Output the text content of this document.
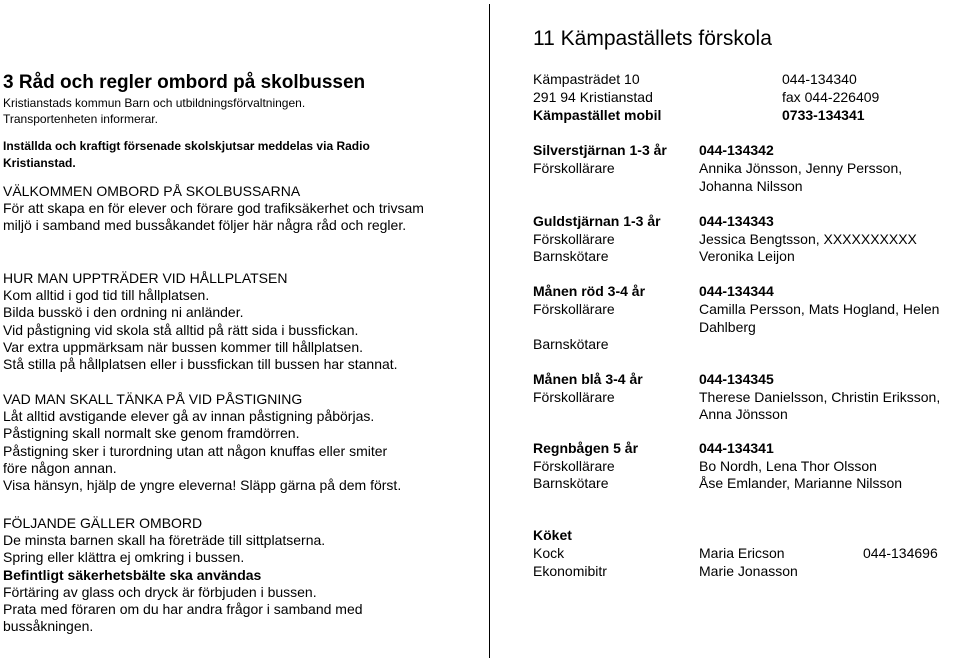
3 Råd och regler ombord på skolbussen
Kristianstads kommun Barn och utbildningsförvaltningen.
Transportenheten informerar.
Inställda och kraftigt försenade skolskjutsar meddelas via Radio Kristianstad.
VÄLKOMMEN OMBORD PÅ SKOLBUSSARNA
För att skapa en för elever och förare god trafiksäkerhet och trivsam miljö i samband med bussåkandet följer här några råd och regler.
HUR MAN UPPTRÄDER VID HÅLLPLATSEN
Kom alltid i god tid till hållplatsen.
Bilda busskö i den ordning ni anländer.
Vid påstigning vid skola stå alltid på rätt sida i bussfickan.
Var extra uppmärksam när bussen kommer till hållplatsen.
Stå stilla på hållplatsen eller i bussfickan till bussen har stannat.
VAD MAN SKALL TÄNKA PÅ VID PÅSTIGNING
Låt alltid avstigande elever gå av innan påstigning påbörjas.
Påstigning skall normalt ske genom framdörren.
Påstigning sker i turordning utan att någon knuffas eller smiter före någon annan.
Visa hänsyn, hjälp de yngre eleverna! Släpp gärna på dem först.
FÖLJANDE GÄLLER OMBORD
De minsta barnen skall ha företräde till sittplatserna.
Spring eller klättra ej omkring i bussen.
Befintligt säkerhetsbälte ska användas
Förtäring av glass och dryck är förbjuden i bussen.
Prata med föraren om du har andra frågor i samband med bussåkningen.
11 Kämpaställets förskola
Kämpasträdet 10	044-134340
291 94 Kristianstad	fax 044-226409
Kämpastället mobil	0733-134341
Silverstjärnan 1-3 år 044-134342
Förskollärare	Annika Jönsson, Jenny Persson,
Johanna Nilsson
Guldstjärnan 1-3 år	044-134343
Förskollärare	Jessica Bengtsson, XXXXXXXXXX
Barnskötare	Veronika Leijon
Månen röd 3-4 år	044-134344
Förskollärare	Camilla Persson, Mats Hogland, Helen
Dahlberg
Barnskötare
Månen blå 3-4 år	044-134345
Förskollärare	Therese Danielsson, Christin Eriksson,
Anna Jönsson
Regnbågen 5 år	044-134341
Förskollärare	Bo Nordh, Lena Thor Olsson
Barnskötare	Åse Emlander, Marianne Nilsson
Köket
Kock	Maria Ericson	044-134696
Ekonomibitr	Marie Jonasson
